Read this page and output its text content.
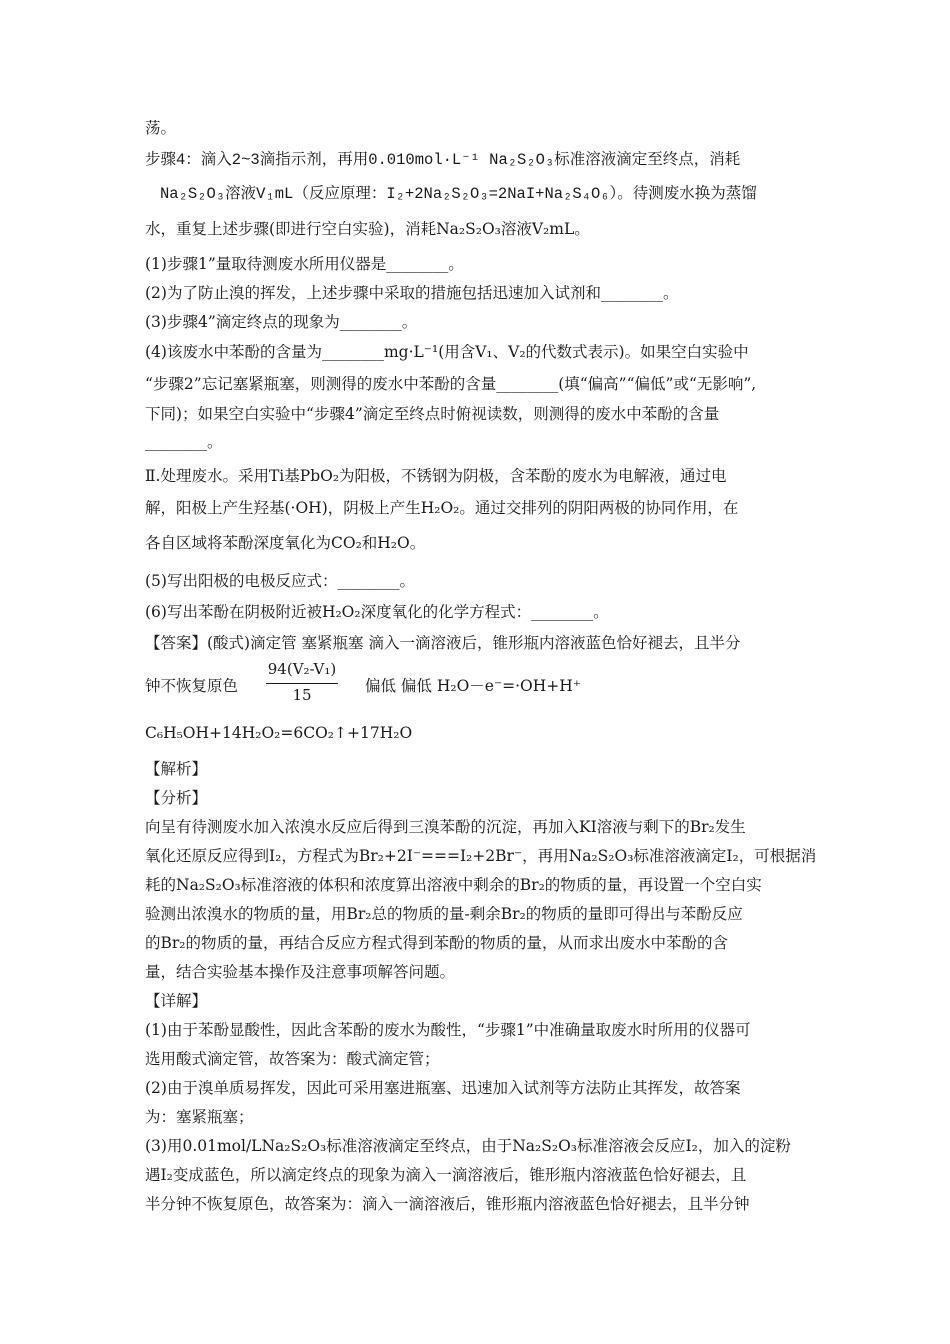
荡。
步骤4：滴入2~3滴指示剂，再用0.010mol·L⁻¹ Na₂S₂O₃标准溶液滴定至终点，消耗
Na₂S₂O₃溶液V₁mL（反应原理：I₂+2Na₂S₂O₃=2NaI+Na₂S₄O₆）。待测废水换为蒸馏
水，重复上述步骤(即进行空白实验)，消耗Na₂S₂O₃溶液V₂mL。
(1)步骤1”量取待测废水所用仪器是________。
(2)为了防止溴的挥发，上述步骤中采取的措施包括迅速加入试剂和________。
(3)步骤4”滴定终点的现象为________。
(4)该废水中苯酚的含量为________mg·L⁻¹(用含V₁、V₂的代数式表示)。如果空白实验中
“步骤2”忘记塞紧瓶塞，则测得的废水中苯酚的含量________(填“偏高”“偏低”或“无影响”,
下同)；如果空白实验中“步骤4”滴定至终点时俯视读数，则测得的废水中苯酚的含量
________。
Ⅱ.处理废水。采用Ti基PbO₂为阳极，不锈钢为阴极，含苯酚的废水为电解液，通过电
解，阳极上产生羟基(·OH)，阴极上产生H₂O₂。通过交排列的阴阳两极的协同作用，在
各自区域将苯酚深度氧化为CO₂和H₂O。
(5)写出阳极的电极反应式：________。
(6)写出苯酚在阴极附近被H₂O₂深度氧化的化学方程式：________。
【答案】(酸式)滴定管 塞紧瓶塞 滴入一滴溶液后，锥形瓶内溶液蓝色恰好褪去，且半分
钟不恢复原色
94(V₂-V₁)
15	偏低 偏低 H₂O－e⁻=·OH+H⁺
C₆H₅OH+14H₂O₂=6CO₂↑+17H₂O
【解析】
【分析】
向呈有待测废水加入浓溴水反应后得到三溴苯酚的沉淀，再加入KI溶液与剩下的Br₂发生
氧化还原反应得到I₂，方程式为Br₂+2I⁻===I₂+2Br⁻，再用Na₂S₂O₃标准溶液滴定I₂，可根据消
耗的Na₂S₂O₃标准溶液的体积和浓度算出溶液中剩余的Br₂的物质的量，再设置一个空白实
验测出浓溴水的物质的量，用Br₂总的物质的量-剩余Br₂的物质的量即可得出与苯酚反应
的Br₂的物质的量，再结合反应方程式得到苯酚的物质的量，从而求出废水中苯酚的含
量，结合实验基本操作及注意事项解答问题。
【详解】
(1)由于苯酚显酸性，因此含苯酚的废水为酸性，“步骤1”中准确量取废水时所用的仪器可
选用酸式滴定管，故答案为：酸式滴定管；
(2)由于溴单质易挥发，因此可采用塞进瓶塞、迅速加入试剂等方法防止其挥发，故答案
为：塞紧瓶塞；
(3)用0.01mol/LNa₂S₂O₃标准溶液滴定至终点，由于Na₂S₂O₃标准溶液会反应I₂，加入的淀粉
遇I₂变成蓝色，所以滴定终点的现象为滴入一滴溶液后，锥形瓶内溶液蓝色恰好褪去，且
半分钟不恢复原色，故答案为：滴入一滴溶液后，锥形瓶内溶液蓝色恰好褪去，且半分钟
